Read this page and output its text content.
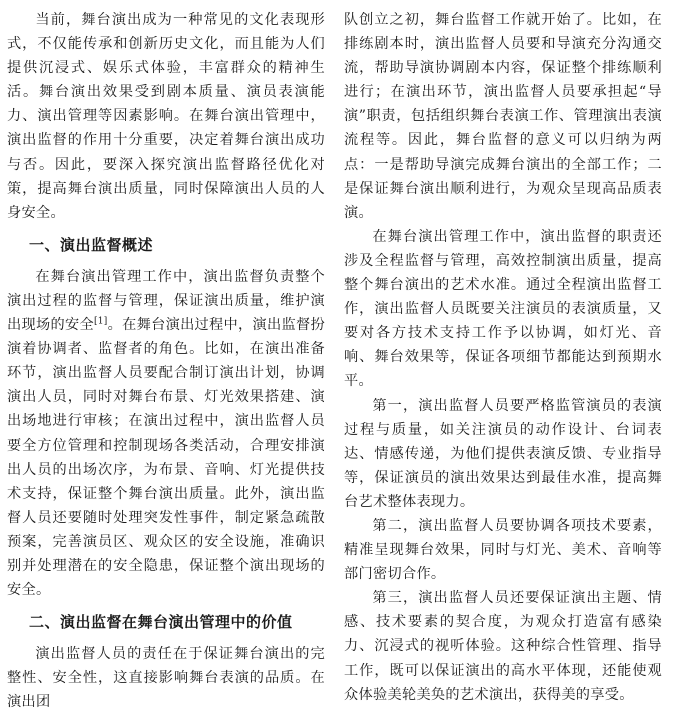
当前，舞台演出成为一种常见的文化表现形式，不仅能传承和创新历史文化，而且能为人们提供沉浸式、娱乐式体验，丰富群众的精神生活。舞台演出效果受到剧本质量、演员表演能力、演出管理等因素影响。在舞台演出管理中，演出监督的作用十分重要，决定着舞台演出成功与否。因此，要深入探究演出监督路径优化对策，提高舞台演出质量，同时保障演出人员的人身安全。

一、演出监督概述

在舞台演出管理工作中，演出监督负责整个演出过程的监督与管理，保证演出质量，维护演出现场的安全[1]。在舞台演出过程中，演出监督扮演着协调者、监督者的角色。比如，在演出准备环节，演出监督人员要配合制订演出计划，协调演出人员，同时对舞台布景、灯光效果搭建、演出场地进行审核；在演出过程中，演出监督人员要全方位管理和控制现场各类活动，合理安排演出人员的出场次序，为布景、音响、灯光提供技术支持，保证整个舞台演出质量。此外，演出监督人员还要随时处理突发性事件，制定紧急疏散预案，完善演员区、观众区的安全设施，准确识别并处理潜在的安全隐患，保证整个演出现场的安全。

二、演出监督在舞台演出管理中的价值

演出监督人员的责任在于保证舞台演出的完整性、安全性，这直接影响舞台表演的品质。在演出团

队创立之初，舞台监督工作就开始了。比如，在排练剧本时，演出监督人员要和导演充分沟通交流，帮助导演协调剧本内容，保证整个排练顺利进行；在演出环节，演出监督人员要承担起“导演”职责，包括组织舞台表演工作、管理演出表演流程等。因此，舞台监督的意义可以归纳为两点：一是帮助导演完成舞台演出的全部工作；二是保证舞台演出顺利进行，为观众呈现高品质表演。

在舞台演出管理工作中，演出监督的职责还涉及全程监督与管理，高效控制演出质量，提高整个舞台演出的艺术水准。通过全程演出监督工作，演出监督人员既要关注演员的表演质量，又要对各方技术支持工作予以协调，如灯光、音响、舞台效果等，保证各项细节都能达到预期水平。

第一，演出监督人员要严格监管演员的表演过程与质量，如关注演员的动作设计、台词表达、情感传递，为他们提供表演反馈、专业指导等，保证演员的演出效果达到最佳水准，提高舞台艺术整体表现力。

第二，演出监督人员要协调各项技术要素，精准呈现舞台效果，同时与灯光、美术、音响等部门密切合作。

第三，演出监督人员还要保证演出主题、情感、技术要素的契合度，为观众打造富有感染力、沉浸式的视听体验。这种综合性管理、指导工作，既可以保证演出的高水平体现，还能使观众体验美轮美奂的艺术演出，获得美的享受。
